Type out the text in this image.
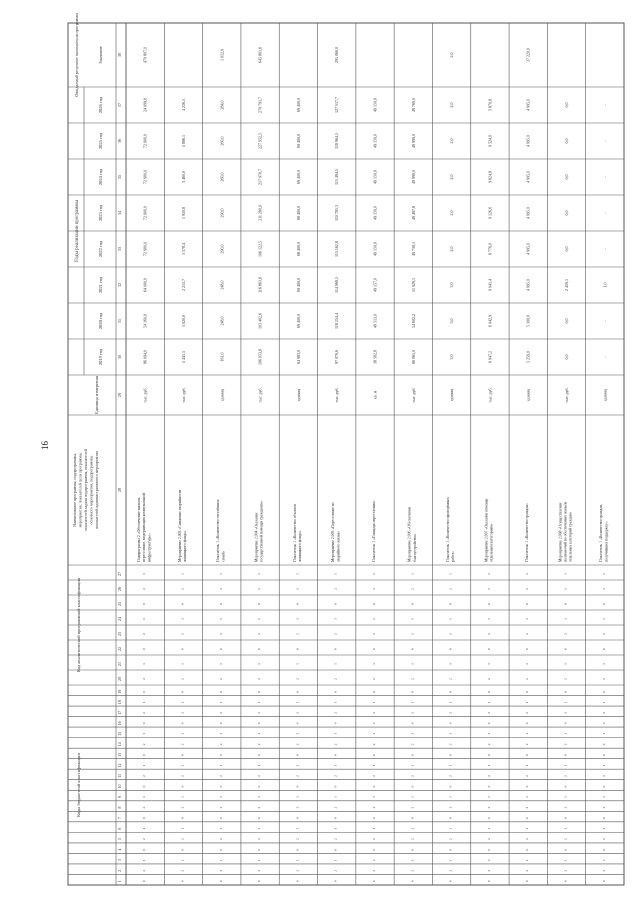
16
Коды бюджетной классификации
Код аналитической программной классификации
Наименование программы, подпрограммы, мероприятия, показателей цели программы, показателей задачи подпрограммы, показателей основного мероприятия, подпрограммы, показателей административного мероприятия
Единица измерения
Годы реализации программы
2019 год
2020 год
2021 год
2022 год
2023 год
2024 год
2025 год
2026 год
Ожидаемый результат выполнения программы	Значение
1
2
3
4
5
6
7
8
9
10
11
12
13
14
15
16
17
18
19
20
21
22
23
24
25
26
27
28
29
30
31
32
33
34
35
36
37
38
0
2
1
0
2
1
0
2
1
0
2
1
0
2
1
0
2
1
0
2
1
0
2
1
0
2
1
Подпрограмма 2 «Обеспечение жильем, переселение, модернизация коммунальной инфраструктуры»
тыс. руб.
86 094,0
54 160,0
64 000,0
72 900,0
72 900,0
72 900,0
72 900,0
24 099,0
479 807,0
0
2
1
0
2
1
0
2
1
0
2
1
0
2
1
0
2
1
0
2
1
0
2
1
0
2
1
Мероприятие 2.003 «Снижение аварийности жилищного фонда»
тыс. руб.
5 445,5
5 020,0
2 215,7
3 578,4
1 950,8
3 460,0
5 886,1
4 256,5
0
2
1
0
2
1
0
2
1
0
2
1
0
2
1
0
2
1
0
2
1
0
2
1
0
2
1
Показатель 1 «Количество отселённых семей»
единиц
161,0
248,0
248,0
290,0
290,0
260,0
260,0
284,0
1 012,0
0
2
1
0
2
1
0
2
1
0
2
1
0
2
1
0
2
1
0
2
1
0
2
1
0
2
1
Мероприятие 2.004 «Оказание государственной помощи гражданам»
тыс. руб.
106 053,8
103 402,6
116 863,8
106 122,5
211 280,0
217 970,7
227 952,5
279 791,7
645 801,6
0
2
1
0
2
1
0
2
1
0
2
1
0
2
1
0
2
1
0
2
1
0
2
1
0
2
1
Показатель 1 «Количество объектов жилищного фонда»
единиц
64 983,0
69 400,0
69 400,0
68 400,0
68 400,0
69 400,0
69 400,0
69 400,0
0
2
1
0
2
1
0
2
1
0
2
1
0
2
1
0
2
1
0
2
1
0
2
1
0
2
1
Мероприятие 2.005 «Переселение из аварийного жилья»
тыс. руб.
97 070,6
118 254,4
114 968,5
115 162,8
110 785,3
115 494,5
118 964,5
127 517,7
291 066,0
0
2
1
0
2
1
0
2
1
0
2
1
0
2
1
0
2
1
0
2
1
0
2
1
0
2
1
Показатель 1 «Площадь переселения»
кв. м
38 582,8
49 513,0
49 157,0
49 150,0
49 150,0
49 150,0
49 150,0
49 150,0
0
2
1
0
2
1
0
2
1
0
2
1
0
2
1
0
2
1
0
2
1
0
2
1
0
2
1
Мероприятие 2.006 «Обеспечение благоустройства»
тыс. руб.
86 065,0
54 602,2
51 929,1
49 738,1
49 487,8
49 999,0
49 999,0
49 769,0
0
2
1
0
2
1
0
2
1
0
2
1
0
2
1
0
2
1
0
2
1
0
2
1
0
2
1
Показатель 1 «Количество проведённых работ»
единиц
3,0
3,0
3,0
2,0
2,0
2,0
2,0
2,0
2,0
0
2
1
0
2
1
0
2
1
0
2
1
0
2
1
0
2
1
0
2
1
0
2
1
0
2
1
Мероприятие 2.007 «Оказание помощи отдельным категориям»
тыс. руб.
6 947,2
6 042,9
9 041,4
8 776,0
9 126,6
9 824,8
9 524,0
5 870,8
0
2
1
0
2
1
0
2
1
0
2
1
0
2
1
0
2
1
0
2
1
0
2
1
0
2
1
Показатель 1 «Количество граждан»
единиц
5 259,0
5 300,0
4 995,0
4 995,0
4 995,0
4 995,0
4 995,0
4 995,0
37 220,0
0
2
1
0
2
1
0
2
1
0
2
1
0
2
1
0
2
1
0
2
1
0
2
1
0
2
1
Мероприятие 2.008 «Осуществление полномочий по обеспечению жильём отдельных категорий граждан»
тыс. руб.
0,0
0,0
2 459,1
0,0
0,0
0,0
0,0
0,0
0
2
1
0
2
1
0
2
1
0
2
1
0
2
1
0
2
1
0
2
1
0
2
1
0
2
1
Показатель 1 «Количество граждан, получивших поддержку»
единиц
-
-
1,0
-
-
-
-
-
